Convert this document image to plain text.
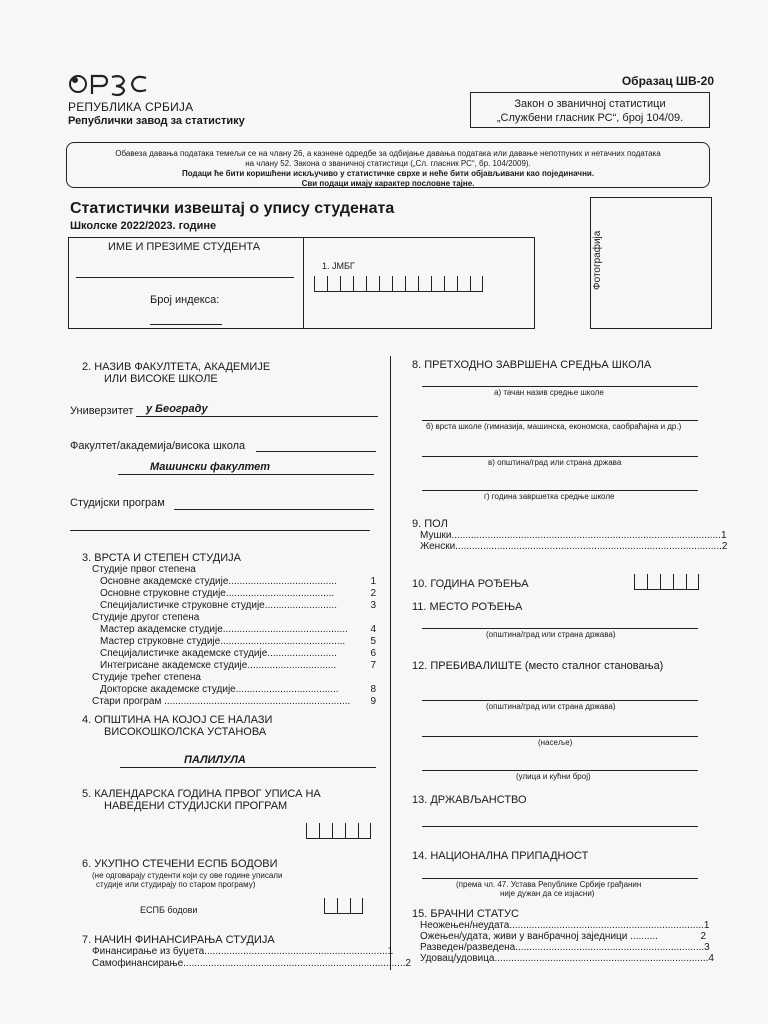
РЕПУБЛИКА СРБИЈА
Републички завод за статистику
Образац ШВ-20
Закон о званичној статистици
„Службени гласник РС“, број 104/09.
Обавеза давања података темељи се на члану 26, а казнене одредбе за одбијање давања података или давање непотпуних и нетачних података
на члану 52. Закона о званичној статистици („Сл. гласник РС“, бр. 104/2009).
Подаци ће бити коришћени искључиво у статистичке сврхе и неће бити објављивани као појединачни.
Сви подаци имају карактер пословне тајне.
Статистички извештај о упису студената
Школске 2022/2023. године
ИМЕ И ПРЕЗИМЕ СТУДЕНТА
Број индекса:
1. ЈМБГ	Фотографија
2. НАЗИВ ФАКУЛТЕТА, АКАДЕМИЈЕ
ИЛИ ВИСОКЕ ШКОЛЕ
Универзитет у Београду
Факултет/академија/висока школа
Машински факултет
Студијски програм
3. ВРСТА И СТЕПЕН СТУДИЈА
Студије првог степена
Основне академске студије.......................................	1
Основне струковне студије.......................................	2
Специјалистичке струковне студије..........................	3
Студије другог степена
Мастер академске студије.............................................	4
Мастер струковне студије.............................................	5
Специјалистичке академске студије.........................	6
Интегрисане академске студије................................	7
Студије трећег степена
Докторске академске студије.....................................	8
Стари програм ...................................................................	9
4. ОПШТИНА НА КОЈОЈ СЕ НАЛАЗИ
ВИСОКОШКОЛСКА УСТАНОВА
ПАЛИЛУЛА
5. КАЛЕНДАРСКА ГОДИНА ПРВОГ УПИСА НА
НАВЕДЕНИ СТУДИЈСКИ ПРОГРАМ
6. УКУПНО СТЕЧЕНИ ЕСПБ БОДОВИ
(не одговарају студенти који су ове године уписали
студије или студирају по старом програму)
ЕСПБ бодови
7. НАЧИН ФИНАНСИРАЊА СТУДИЈА
Финансирање из буџета.................................................................. 1
Самофинансирање................................................................................ 2
8. ПРЕТХОДНО ЗАВРШЕНА СРЕДЊА ШКОЛА
а) тачан назив средње школе
б) врста школе (гимназија, машинска, економска, саобраћајна и др.)
в) општина/град или страна држава
г) година завршетка средње школе
9. ПОЛ
Мушки................................................................................................. 1
Женски................................................................................................ 2
10. ГОДИНА РОЂЕЊА
11. МЕСТО РОЂЕЊА
(општина/град или страна држава)
12. ПРЕБИВАЛИШТЕ (место сталног становања)
(општина/град или страна држава)
(насеље)
(улица и кућни број)
13. ДРЖАВЉАНСТВО
14. НАЦИОНАЛНА ПРИПАДНОСТ
(према чл. 47. Устава Републике Србије грађанин
није дужан да се изјасни)
15. БРАЧНИ СТАТУС
Неожењен/неудата...................................................................... 1
Ожењен/удата, живи у ванбрачној заједници ..........	2
Разведен/разведена.................................................................... 3
Удовац/удовица............................................................................. 4
